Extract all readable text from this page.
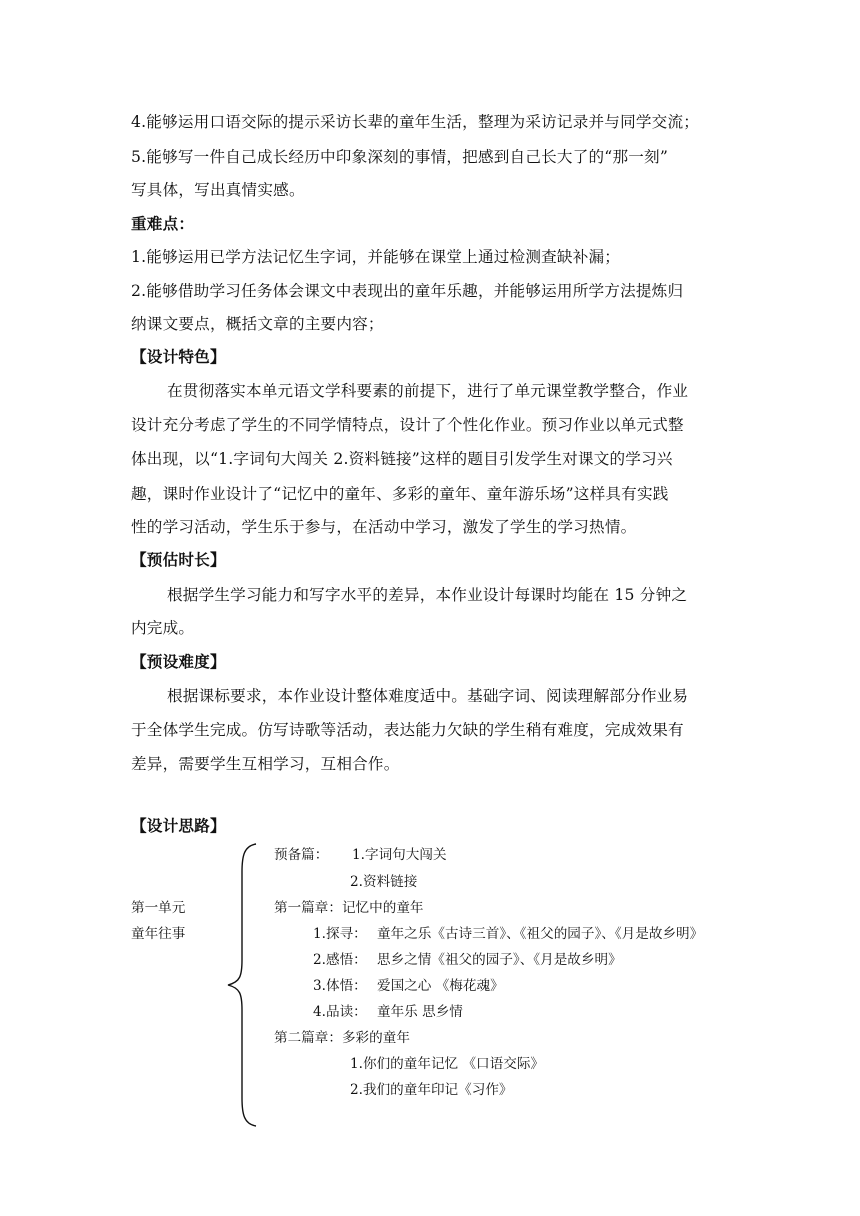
4.能够运用口语交际的提示采访长辈的童年生活，整理为采访记录并与同学交流；
5.能够写一件自己成长经历中印象深刻的事情，把感到自己长大了的“那一刻”
写具体，写出真情实感。
重难点：
1.能够运用已学方法记忆生字词，并能够在课堂上通过检测查缺补漏；
2.能够借助学习任务体会课文中表现出的童年乐趣，并能够运用所学方法提炼归
纳课文要点，概括文章的主要内容；
【设计特色】
在贯彻落实本单元语文学科要素的前提下，进行了单元课堂教学整合，作业
设计充分考虑了学生的不同学情特点，设计了个性化作业。预习作业以单元式整
体出现，以“1.字词句大闯关 2.资料链接”这样的题目引发学生对课文的学习兴
趣，课时作业设计了“记忆中的童年、多彩的童年、童年游乐场”这样具有实践
性的学习活动，学生乐于参与，在活动中学习，激发了学生的学习热情。
【预估时长】
根据学生学习能力和写字水平的差异，本作业设计每课时均能在 15 分钟之
内完成。
【预设难度】
根据课标要求，本作业设计整体难度适中。基础字词、阅读理解部分作业易
于全体学生完成。仿写诗歌等活动，表达能力欠缺的学生稍有难度，完成效果有
差异，需要学生互相学习，互相合作。
【设计思路】
第一单元
童年往事
预备篇： 1.字词句大闯关
2.资料链接
第一篇章：记忆中的童年
1.探寻： 童年之乐《古诗三首》、《祖父的园子》、《月是故乡明》
2.感悟： 思乡之情《祖父的园子》、《月是故乡明》
3.体悟： 爱国之心 《梅花魂》
4.品读： 童年乐 思乡情
第二篇章：多彩的童年
1.你们的童年记忆 《口语交际》
2.我们的童年印记《习作》
